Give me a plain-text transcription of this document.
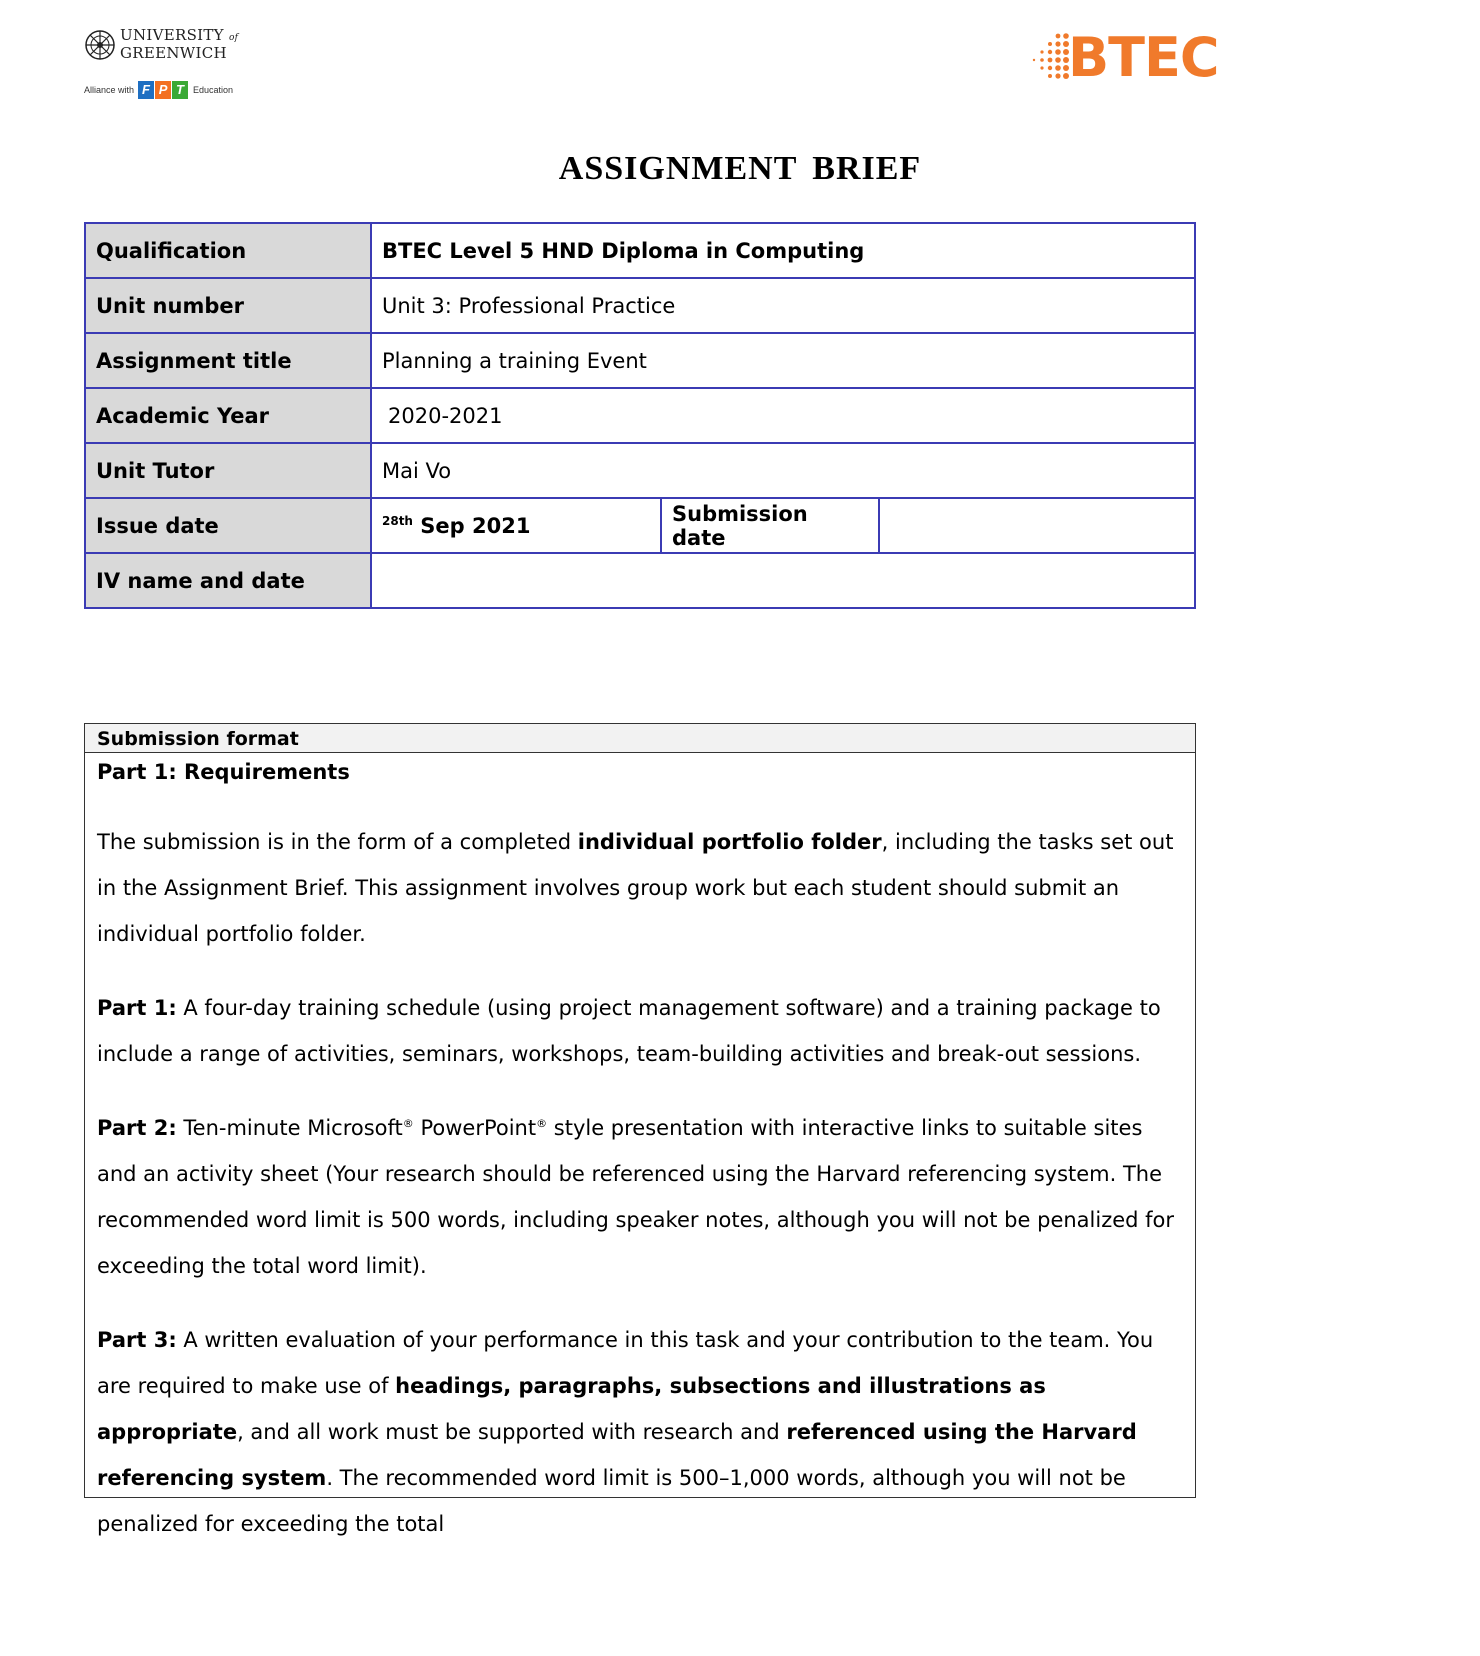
UNIVERSITY of
GREENWICH
Alliance with F P T	Education
BTEC
ASSIGNMENT BRIEF
Qualification	BTEC Level 5 HND Diploma in Computing		
Unit number	Unit 3: Professional Practice		
Assignment title	Planning a training Event		
Academic Year	2020-2021		
Unit Tutor	Mai Vo		
Issue date	$^{28th}$ Sep 2021	Submission date	
IV name and date			
Submission format

Part 1: Requirements

The submission is in the form of a completed individual portfolio folder, including the tasks set out in the Assignment Brief. This assignment involves group work but each student should submit an individual portfolio folder.

Part 1: A four-day training schedule (using project management software) and a training package to include a range of activities, seminars, workshops, team-building activities and break-out sessions.

Part 2: Ten-minute Microsoft® PowerPoint® style presentation with interactive links to suitable sites and an activity sheet (Your research should be referenced using the Harvard referencing system. The recommended word limit is 500 words, including speaker notes, although you will not be penalized for exceeding the total word limit).

Part 3: A written evaluation of your performance in this task and your contribution to the team. You are required to make use of headings, paragraphs, subsections and illustrations as appropriate, and all work must be supported with research and referenced using the Harvard referencing system. The recommended word limit is 500–1,000 words, although you will not be penalized for exceeding the total
